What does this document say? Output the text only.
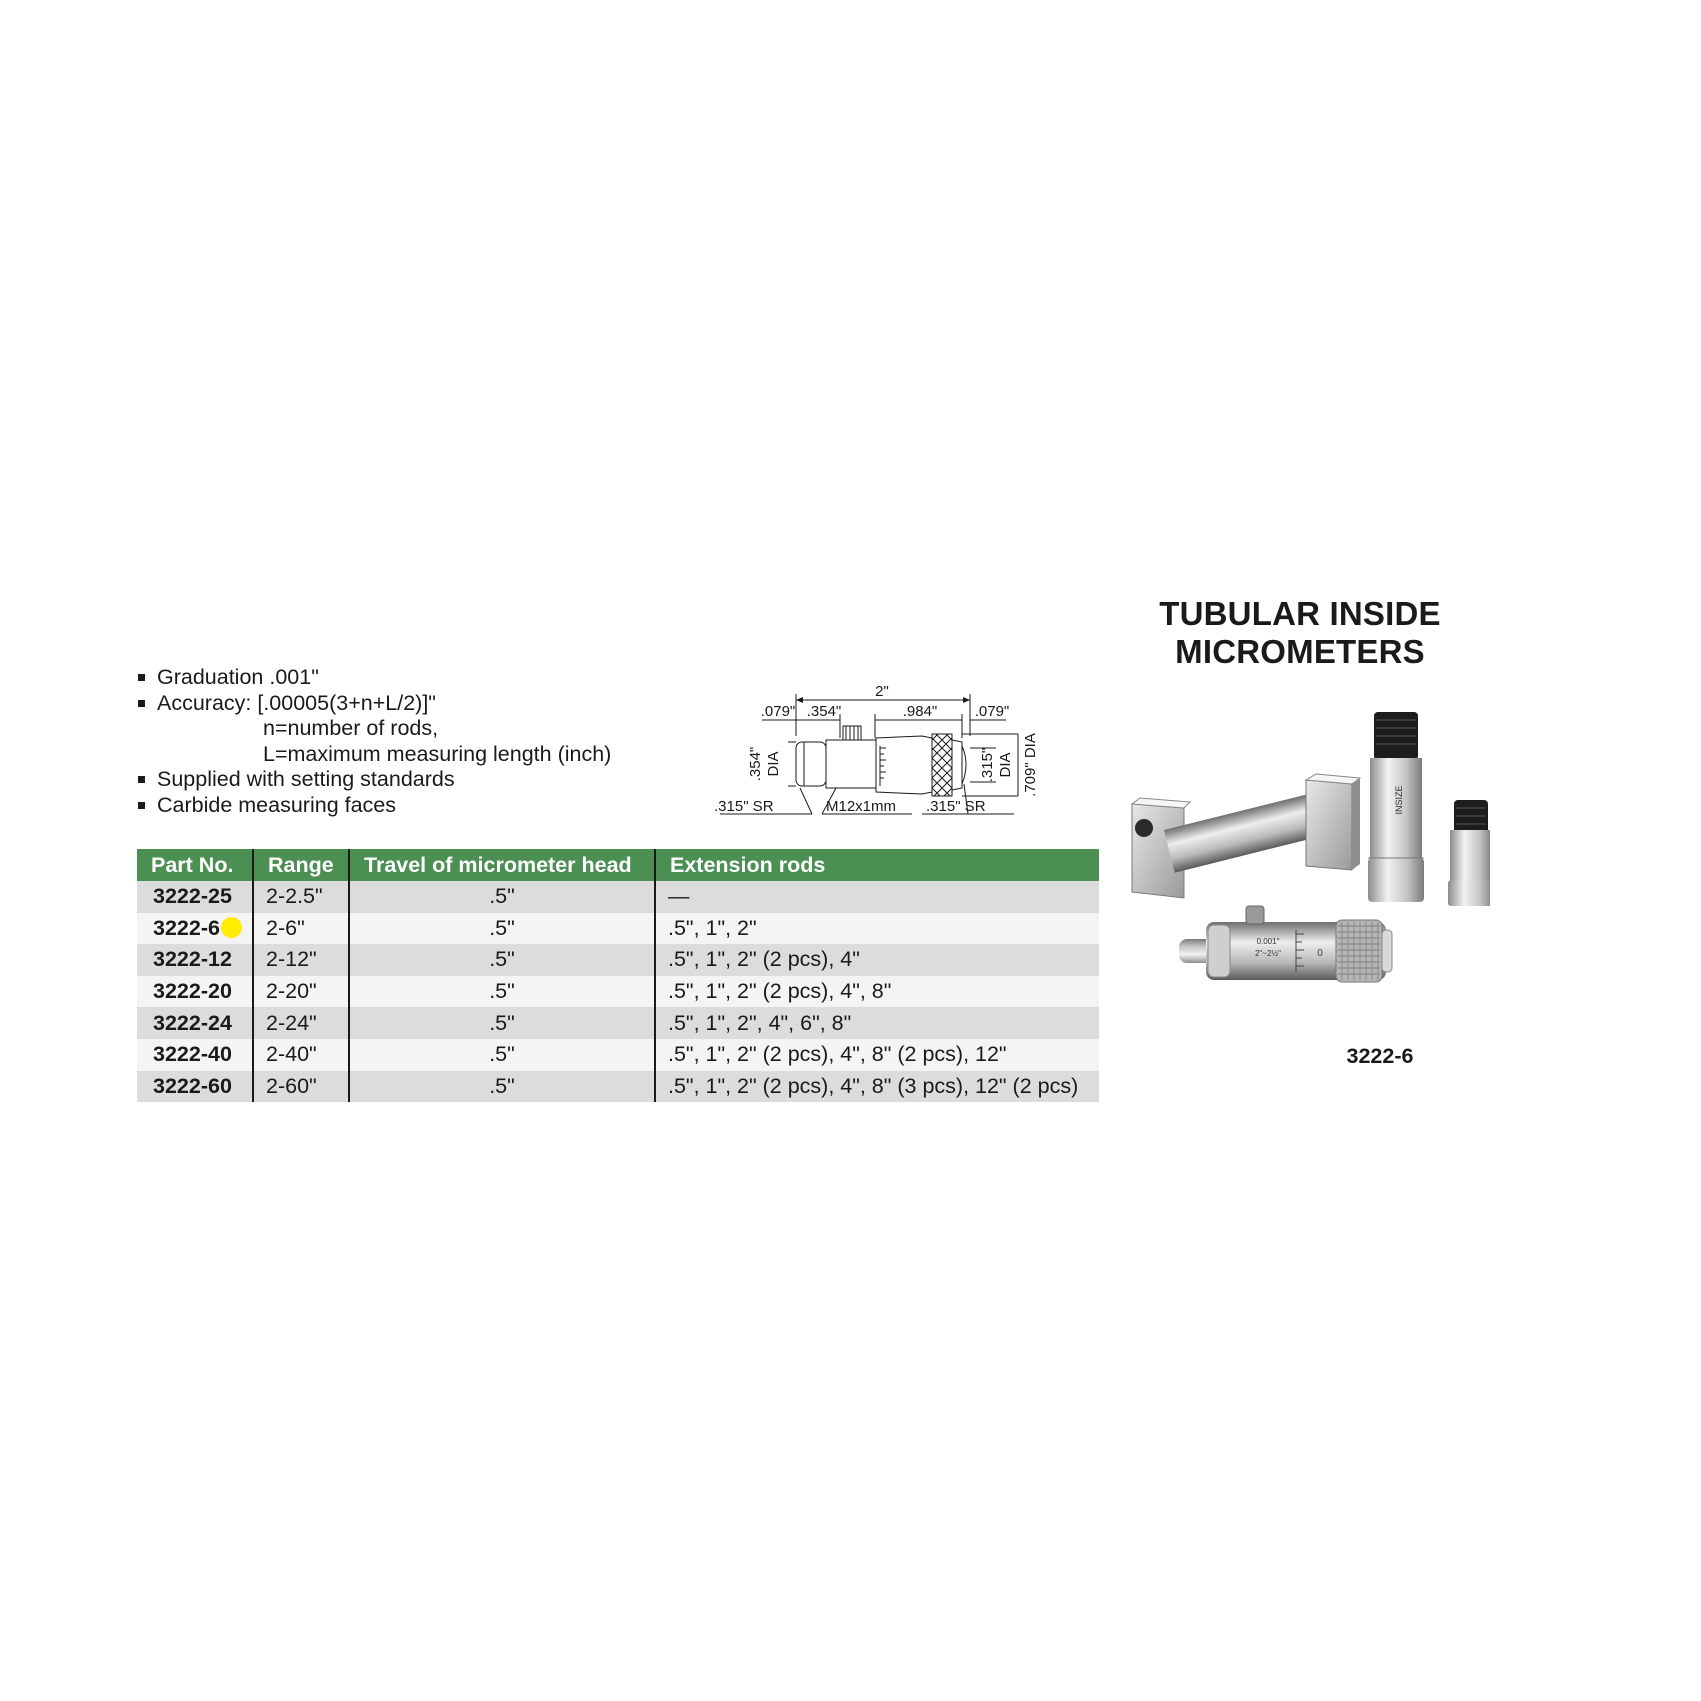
TUBULAR INSIDE MICROMETERS
Graduation .001"
Accuracy: [.00005(3+n+L/2)]"
n=number of rods,
L=maximum measuring length (inch)
Supplied with setting standards
Carbide measuring faces
2"
.079" .354"	.984" .079"
.354" DIA	.315" DIA .709" DIA
.315" SR	M12x1mm .315" SR
Part No.	Range	Travel of micrometer head	Extension rods
3222-25	2-2.5"	.5"	—
3222-6	2-6"	.5"	.5", 1", 2"
3222-12	2-12"	.5"	.5", 1", 2" (2 pcs), 4"
3222-20	2-20"	.5"	.5", 1", 2" (2 pcs), 4", 8"
3222-24	2-24"	.5"	.5", 1", 2", 4", 6", 8"
3222-40	2-40"	.5"	.5", 1", 2" (2 pcs), 4", 8" (2 pcs), 12"
3222-60	2-60"	.5"	.5", 1", 2" (2 pcs), 4", 8" (3 pcs), 12" (2 pcs)
INSIZE
0.001"
2"~2½"	0
3222-6
